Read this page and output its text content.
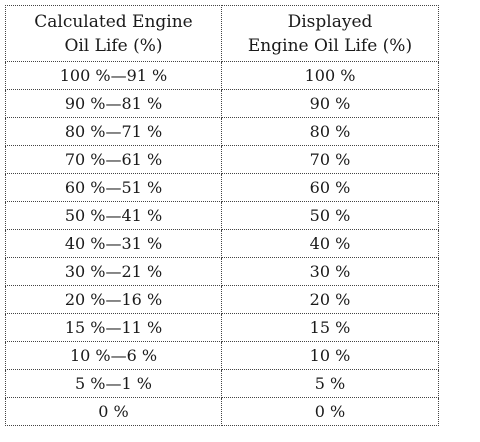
Calculated Engine
Oil Life (%)	Displayed
Engine Oil Life (%)

100 %—91 %	100 %
90 %—81 %	90 %
80 %—71 %	80 %
70 %—61 %	70 %
60 %—51 %	60 %
50 %—41 %	50 %
40 %—31 %	40 %
30 %—21 %	30 %
20 %—16 %	20 %
15 %—11 %	15 %
10 %—6 %	10 %
5 %—1 %	5 %
0 %	0 %
